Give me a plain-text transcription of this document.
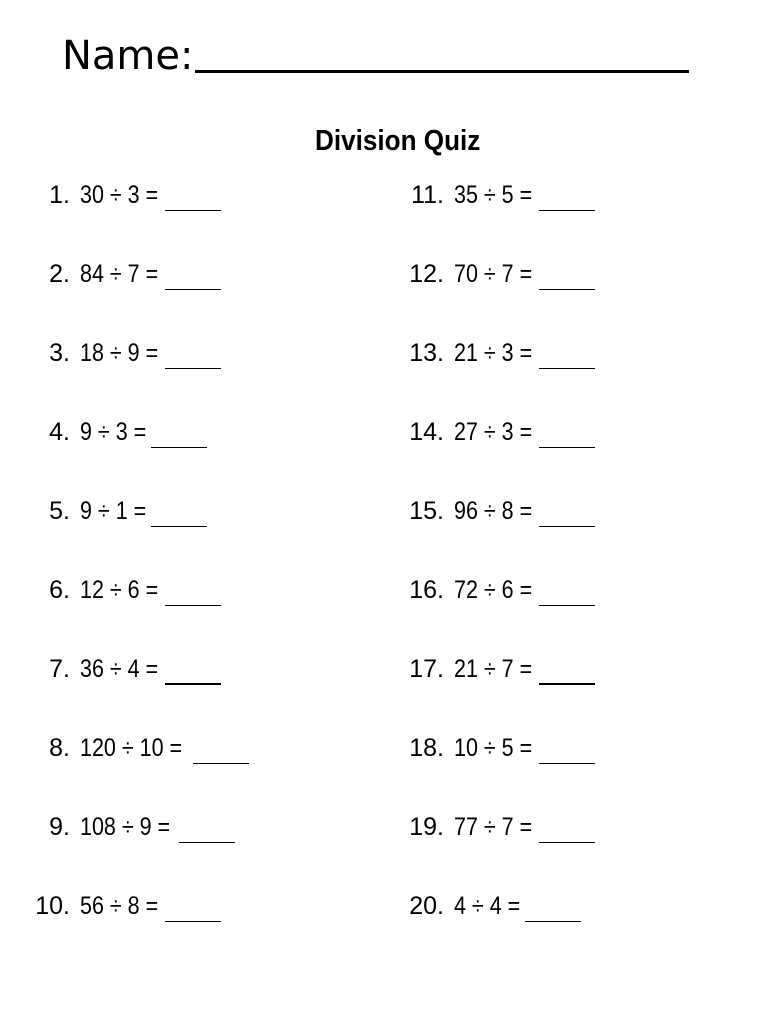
Name:
Division Quiz
1. 30 ÷ 3 =
2. 84 ÷ 7 =
3. 18 ÷ 9 =
4. 9 ÷ 3 =
5. 9 ÷ 1 =
6. 12 ÷ 6 =
7. 36 ÷ 4 =
8. 120 ÷ 10 =
9. 108 ÷ 9 =
10. 56 ÷ 8 =
11. 35 ÷ 5 =
12. 70 ÷ 7 =
13. 21 ÷ 3 =
14. 27 ÷ 3 =
15. 96 ÷ 8 =
16. 72 ÷ 6 =
17. 21 ÷ 7 =
18. 10 ÷ 5 =
19. 77 ÷ 7 =
20. 4 ÷ 4 =
